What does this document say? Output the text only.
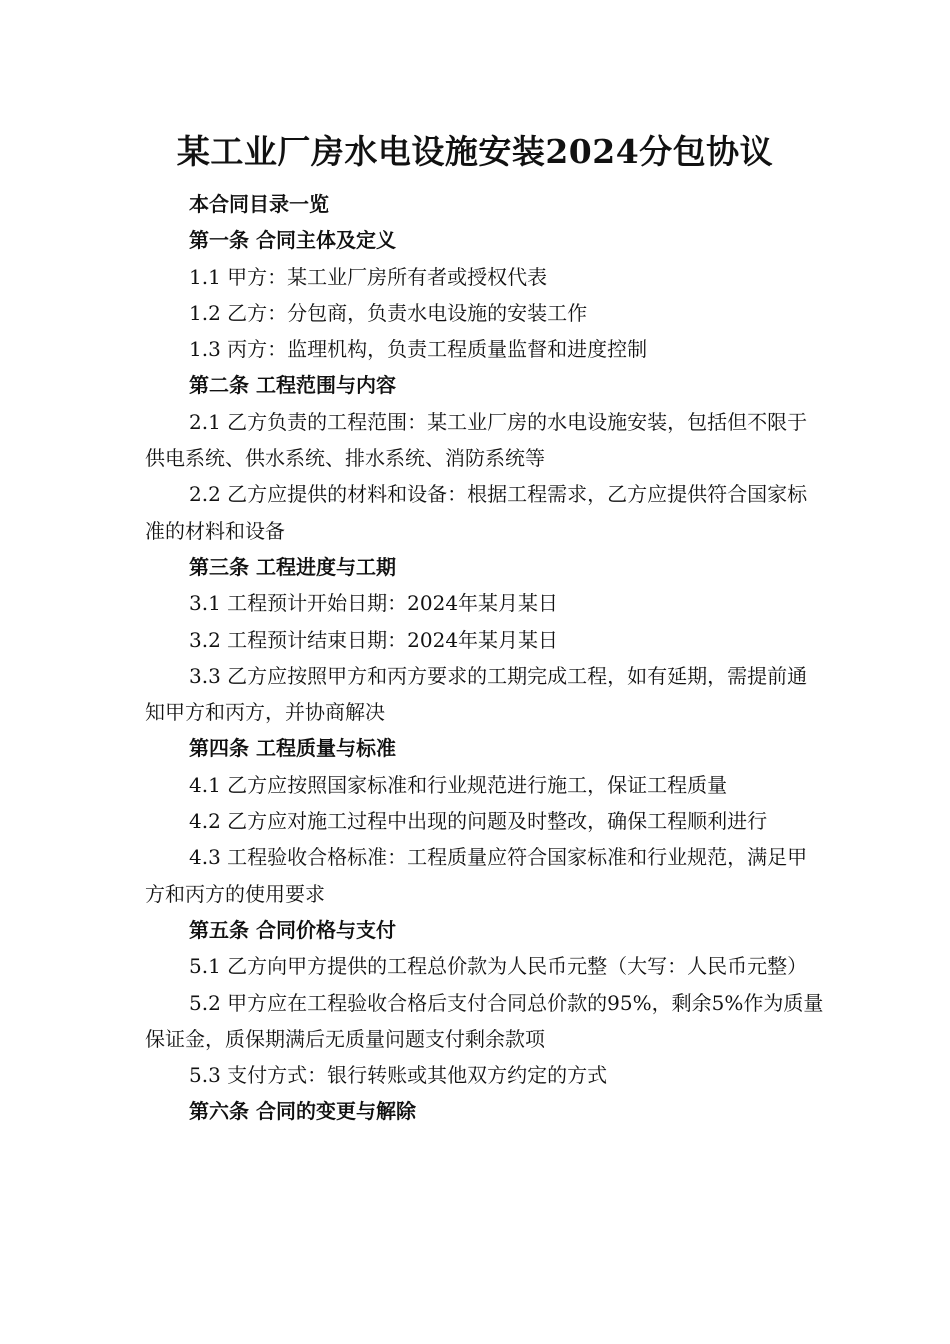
某工业厂房水电设施安装2024分包协议

本合同目录一览

第一条 合同主体及定义

1.1 甲方：某工业厂房所有者或授权代表

1.2 乙方：分包商，负责水电设施的安装工作

1.3 丙方：监理机构，负责工程质量监督和进度控制

第二条 工程范围与内容

2.1 乙方负责的工程范围：某工业厂房的水电设施安装，包括但不限于供电系统、供水系统、排水系统、消防系统等

2.2 乙方应提供的材料和设备：根据工程需求，乙方应提供符合国家标准的材料和设备

第三条 工程进度与工期

3.1 工程预计开始日期：2024年某月某日

3.2 工程预计结束日期：2024年某月某日

3.3 乙方应按照甲方和丙方要求的工期完成工程，如有延期，需提前通知甲方和丙方，并协商解决

第四条 工程质量与标准

4.1 乙方应按照国家标准和行业规范进行施工，保证工程质量

4.2 乙方应对施工过程中出现的问题及时整改，确保工程顺利进行

4.3 工程验收合格标准：工程质量应符合国家标准和行业规范，满足甲方和丙方的使用要求

第五条 合同价格与支付

5.1 乙方向甲方提供的工程总价款为人民币元整（大写：人民币元整）

5.2 甲方应在工程验收合格后支付合同总价款的95%，剩余5%作为质量保证金，质保期满后无质量问题支付剩余款项

5.3 支付方式：银行转账或其他双方约定的方式

第六条 合同的变更与解除
